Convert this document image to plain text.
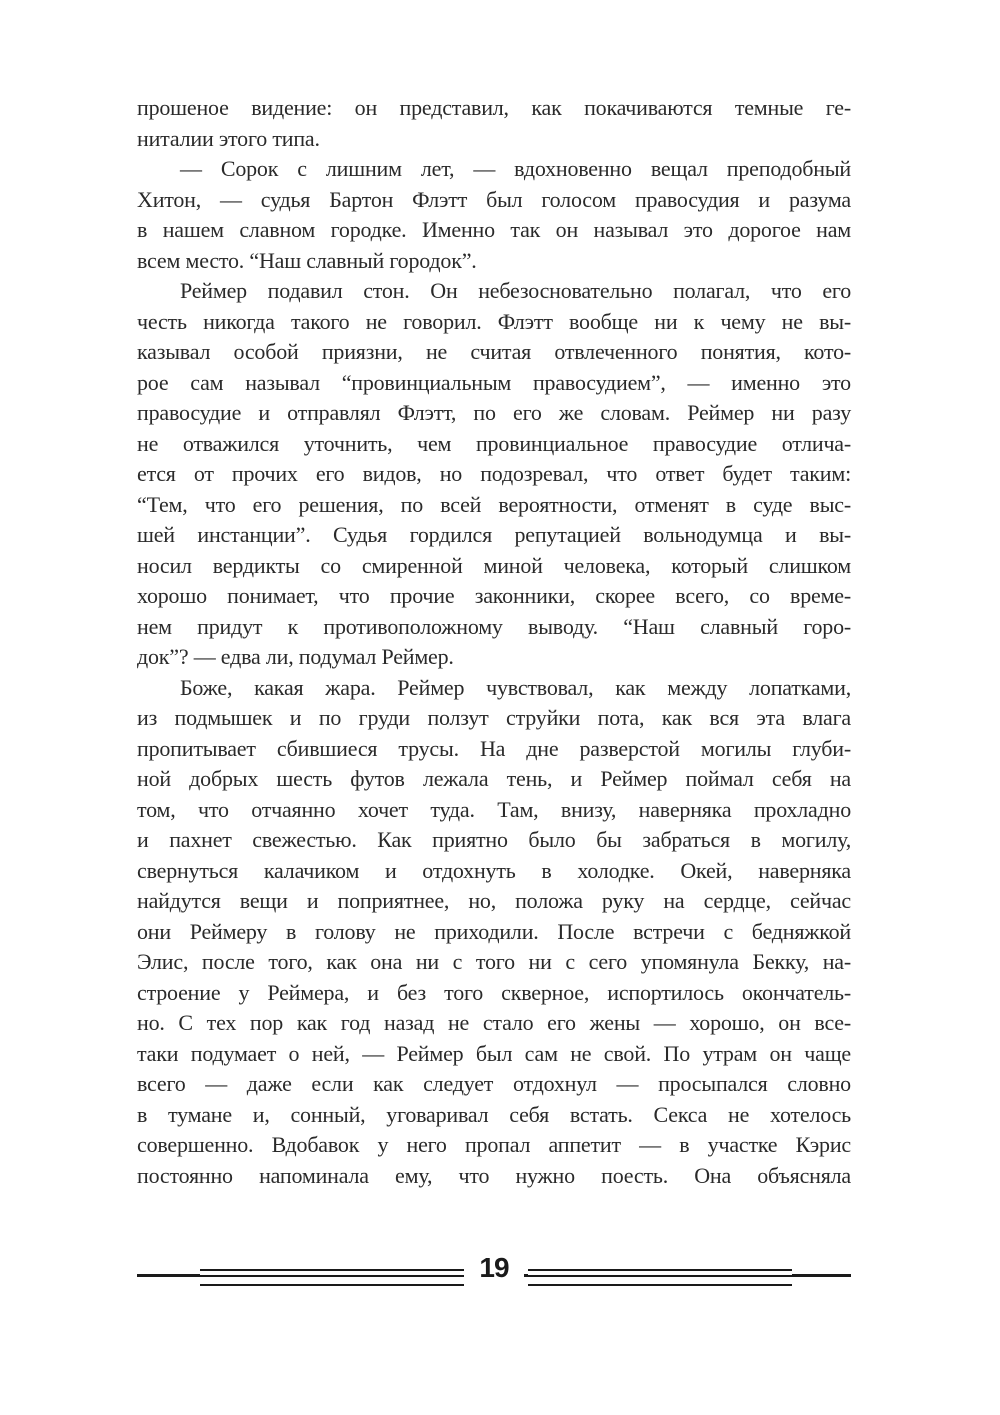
прошеное видение: он представил, как покачиваются темные ге-
ниталии этого типа.
— Сорок с лишним лет, — вдохновенно вещал преподобный
Хитон, — судья Бартон Флэтт был голосом правосудия и разума
в нашем славном городке. Именно так он называл это дорогое нам
всем место. “Наш славный городок”.
Реймер подавил стон. Он небезосновательно полагал, что его
честь никогда такого не говорил. Флэтт вообще ни к чему не вы-
казывал особой приязни, не считая отвлеченного понятия, кото-
рое сам называл “провинциальным правосудием”, — именно это
правосудие и отправлял Флэтт, по его же словам. Реймер ни разу
не отважился уточнить, чем провинциальное правосудие отлича-
ется от прочих его видов, но подозревал, что ответ будет таким:
“Тем, что его решения, по всей вероятности, отменят в суде выс-
шей инстанции”. Судья гордился репутацией вольнодумца и вы-
носил вердикты со смиренной миной человека, который слишком
хорошо понимает, что прочие законники, скорее всего, со време-
нем придут к противоположному выводу. “Наш славный горо-
док”? — едва ли, подумал Реймер.
Боже, какая жара. Реймер чувствовал, как между лопатками,
из подмышек и по груди ползут струйки пота, как вся эта влага
пропитывает сбившиеся трусы. На дне разверстой могилы глуби-
ной добрых шесть футов лежала тень, и Реймер поймал себя на
том, что отчаянно хочет туда. Там, внизу, наверняка прохладно
и пахнет свежестью. Как приятно было бы забраться в могилу,
свернуться калачиком и отдохнуть в холодке. Окей, наверняка
найдутся вещи и поприятнее, но, положа руку на сердце, сейчас
они Реймеру в голову не приходили. После встречи с бедняжкой
Элис, после того, как она ни с того ни с сего упомянула Бекку, на-
строение у Реймера, и без того скверное, испортилось окончатель-
но. С тех пор как год назад не стало его жены — хорошо, он все-
таки подумает о ней, — Реймер был сам не свой. По утрам он чаще
всего — даже если как следует отдохнул — просыпался словно
в тумане и, сонный, уговаривал себя встать. Секса не хотелось
совершенно. Вдобавок у него пропал аппетит — в участке Кэрис
постоянно напоминала ему, что нужно поесть. Она объясняла
19
